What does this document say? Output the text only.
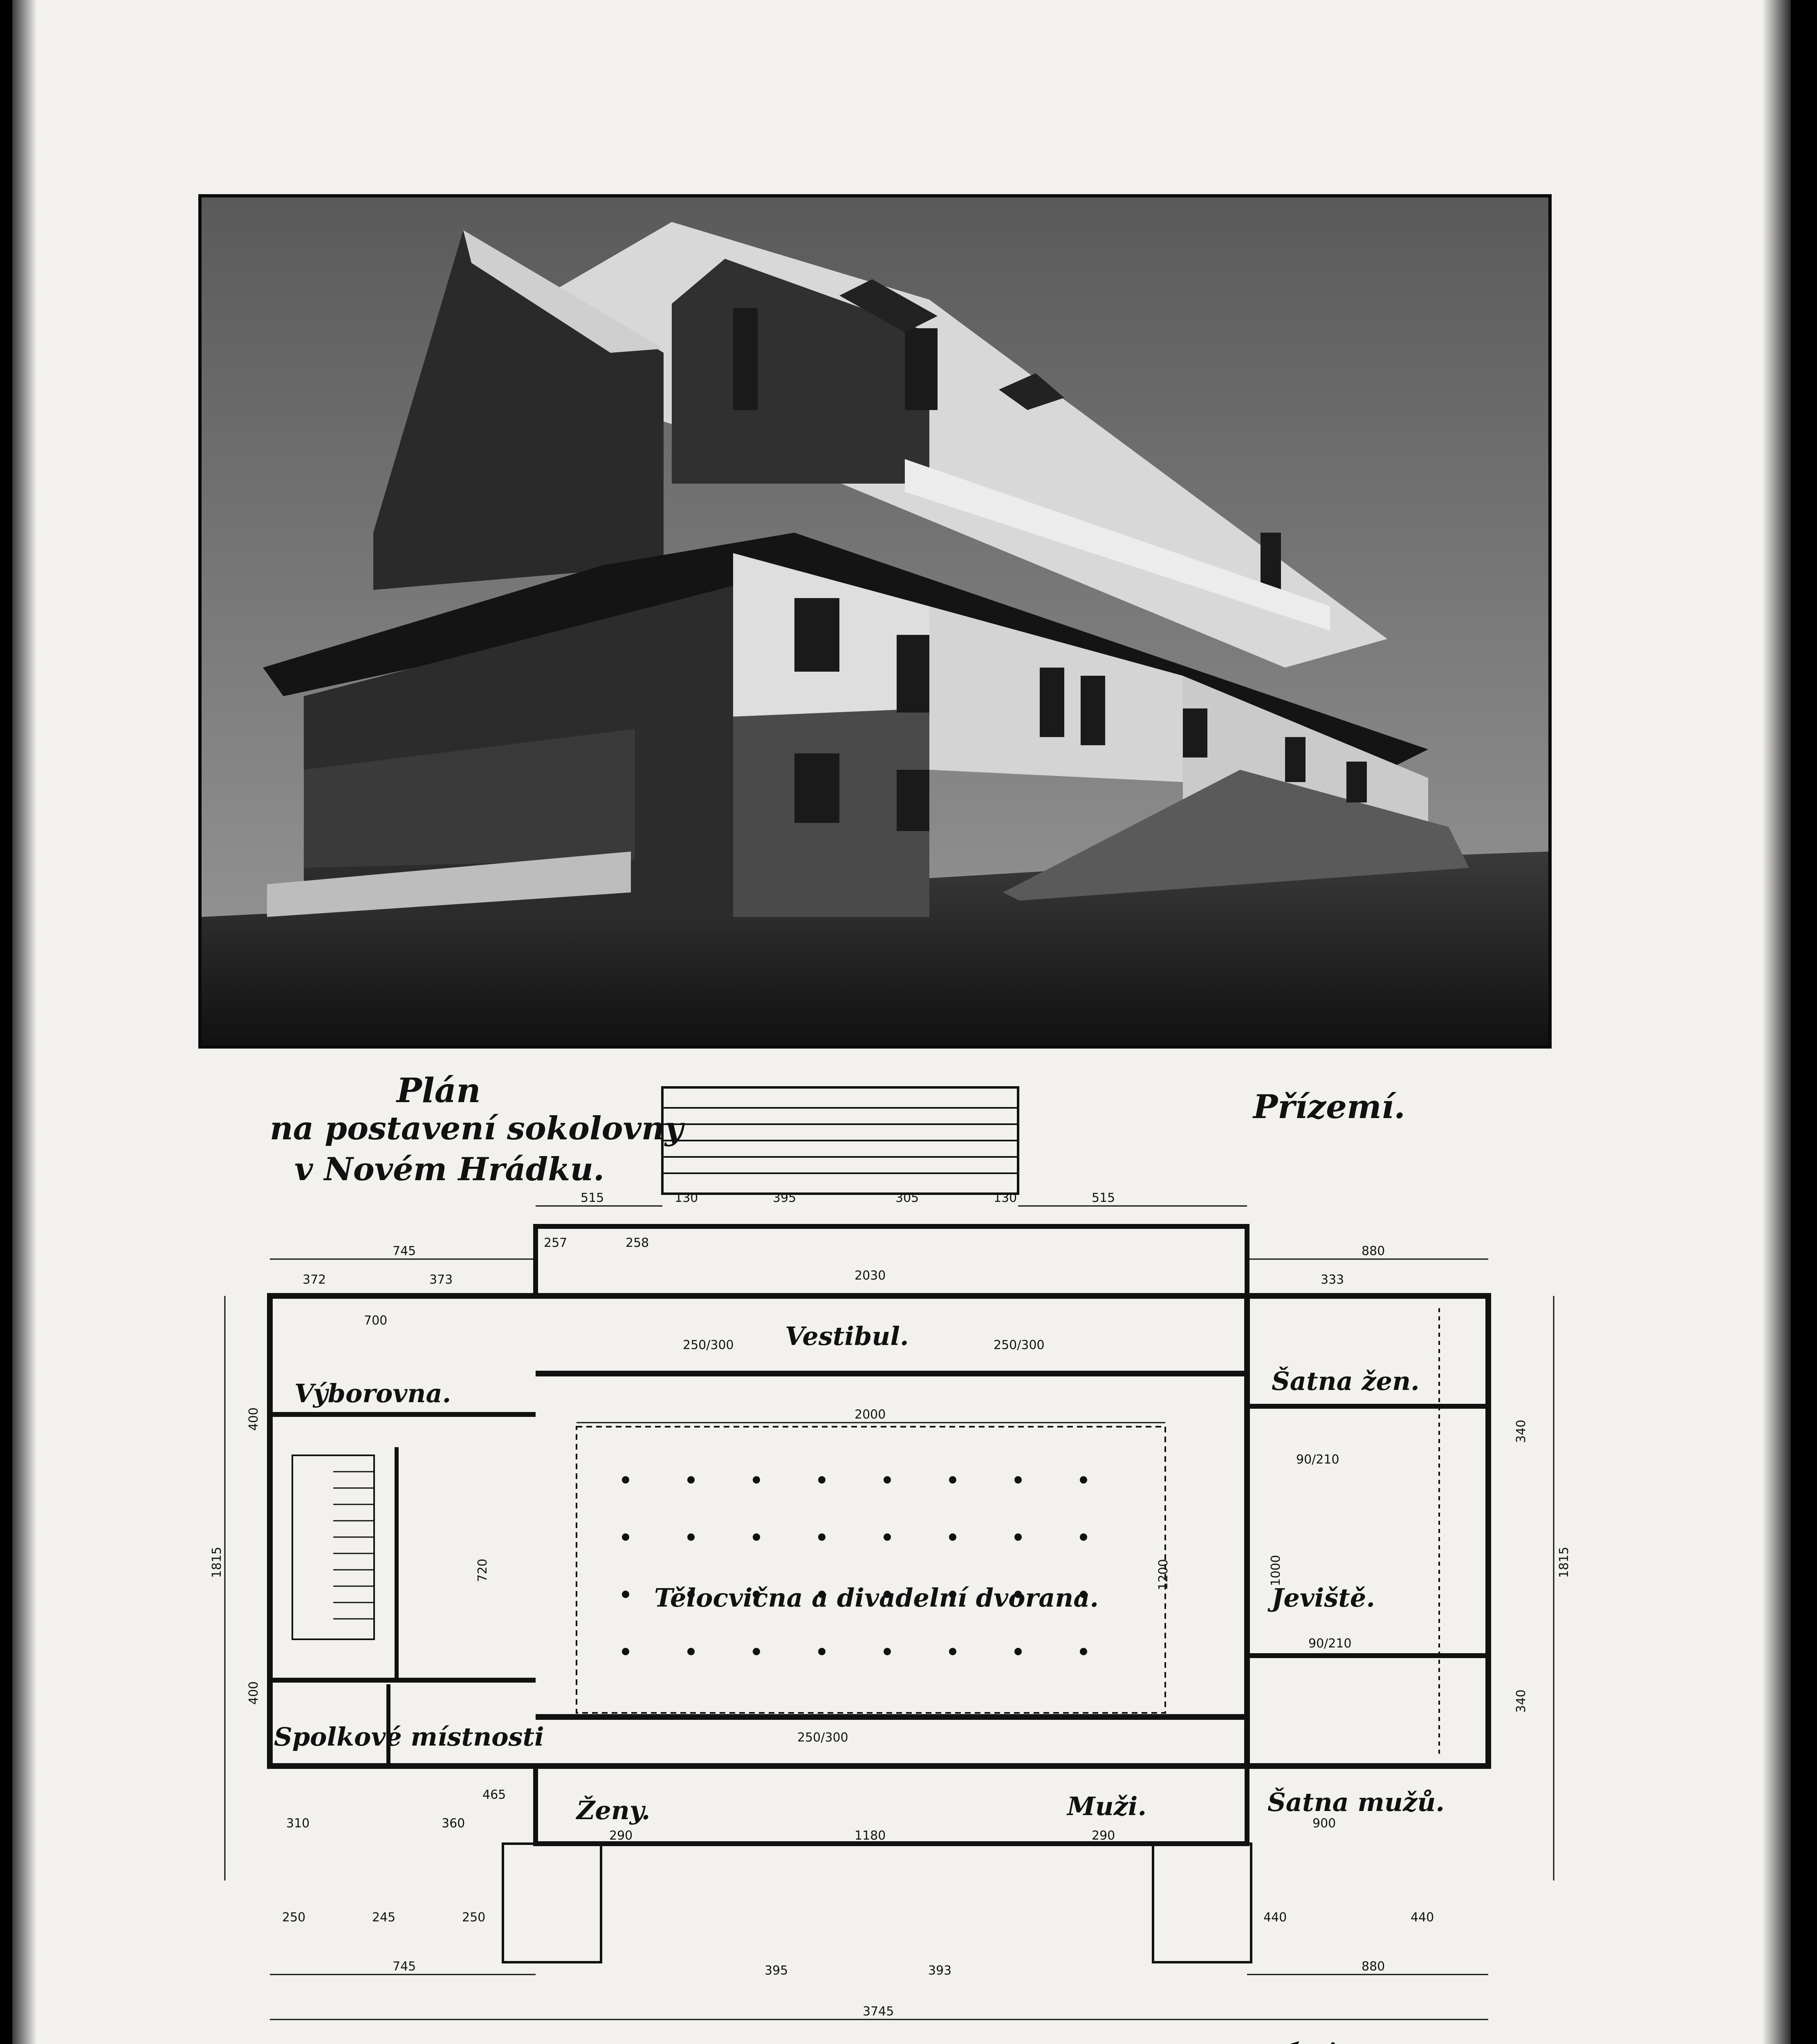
Plán
na postavení sokolovny
v Novém Hrádku.
Přízemí.
Vestibul.
Výborovna.
Tělocvična a divadelní dvorana.
Šatna žen.
Jeviště.
Šatna mužů.
Spolkové místnosti
Ženy.	Muži.
3745
2000
2030
745	880
515	515
130	395	305	130
1180
440	440
745	880
395	393
250	245	250
372	373
257	258
333
700
310	360
290	290
900
465
250/300	250/300
250/300
90/210
90/210
1815	1815
1200	1000
400
400
720
340
340
